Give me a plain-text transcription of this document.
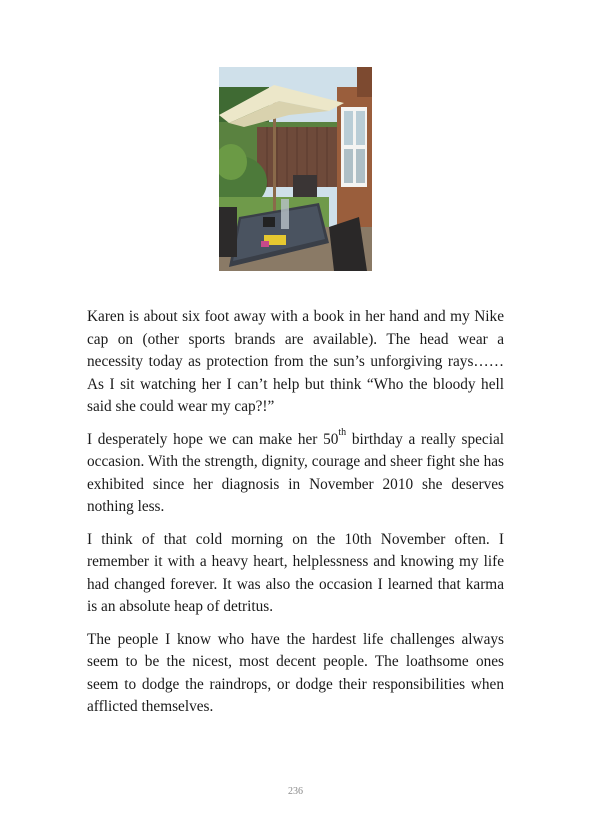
Karen is about six foot away with a book in her hand and my Nike cap on (other sports brands are available). The head wear a necessity today as protection from the sun’s unforgiving rays…… As I sit watching her I can’t help but think “Who the bloody hell said she could wear my cap?!”

I desperately hope we can make her 50th birthday a really special occasion. With the strength, dignity, courage and sheer fight she has exhibited since her diagnosis in November 2010 she deserves nothing less.

I think of that cold morning on the 10th November often. I remember it with a heavy heart, helplessness and knowing my life had changed forever. It was also the occasion I learned that karma is an absolute heap of detritus.

The people I know who have the hardest life challenges always seem to be the nicest, most decent people. The loathsome ones seem to dodge the raindrops, or dodge their responsibilities when afflicted themselves.

236
